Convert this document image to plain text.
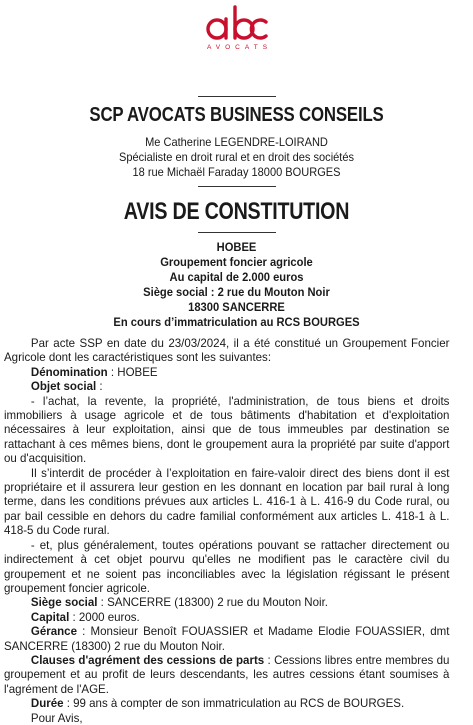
AVOCATS
SCP AVOCATS BUSINESS CONSEILS
Me Catherine LEGENDRE-LOIRAND
Spécialiste en droit rural et en droit des sociétés
18 rue Michaël Faraday 18000 BOURGES
AVIS DE CONSTITUTION
HOBEE
Groupement foncier agricole
Au capital de 2.000 euros
Siège social : 2 rue du Mouton Noir
18300 SANCERRE
En cours d’immatriculation au RCS BOURGES

Par acte SSP en date du 23/03/2024, il a été constitué un Groupement Foncier Agricole dont les caractéristiques sont les suivantes:

Dénomination : HOBEE

Objet social :

- l’achat, la revente, la propriété, l'administration, de tous biens et droits immobiliers à usage agricole et de tous bâtiments d'habitation et d'exploitation nécessaires à leur exploitation, ainsi que de tous immeubles par destination se rattachant à ces mêmes biens, dont le groupement aura la propriété par suite d'apport ou d'acquisition.

Il s’interdit de procéder à l’exploitation en faire-valoir direct des biens dont il est propriétaire et il assurera leur gestion en les donnant en location par bail rural à long terme, dans les conditions prévues aux articles L. 416-1 à L. 416-9 du Code rural, ou par bail cessible en dehors du cadre familial conformément aux articles L. 418-1 à L. 418-5 du Code rural.

- et, plus généralement, toutes opérations pouvant se rattacher directement ou indirectement à cet objet pourvu qu'elles ne modifient pas le caractère civil du groupement et ne soient pas inconciliables avec la législation régissant le présent groupement foncier agricole.

Siège social : SANCERRE (18300) 2 rue du Mouton Noir.

Capital : 2000 euros.

Gérance : Monsieur Benoît FOUASSIER et Madame Elodie FOUASSIER, dmt SANCERRE (18300) 2 rue du Mouton Noir.

Clauses d'agrément des cessions de parts : Cessions libres entre membres du groupement et au profit de leurs descendants, les autres cessions étant soumises à l'agrément de l'AGE.

Durée : 99 ans à compter de son immatriculation au RCS de BOURGES.

Pour Avis,
